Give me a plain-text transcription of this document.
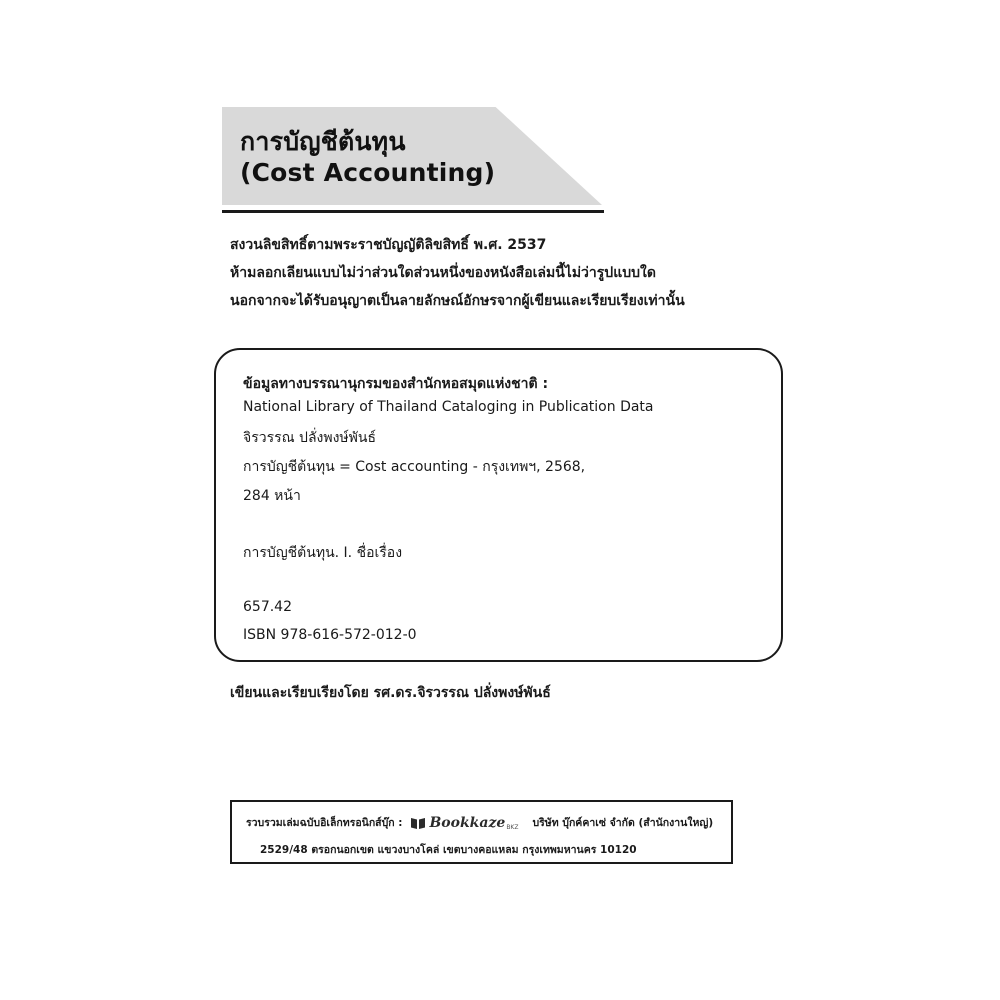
การบัญชีต้นทุน
(Cost Accounting)
สงวนลิขสิทธิ์ตามพระราชบัญญัติลิขสิทธิ์ พ.ศ. 2537
ห้ามลอกเลียนแบบไม่ว่าส่วนใดส่วนหนึ่งของหนังสือเล่มนี้ไม่ว่ารูปแบบใด
นอกจากจะได้รับอนุญาตเป็นลายลักษณ์อักษรจากผู้เขียนและเรียบเรียงเท่านั้น
ข้อมูลทางบรรณานุกรมของสำนักหอสมุดแห่งชาติ :
National Library of Thailand Cataloging in Publication Data
จิรวรรณ ปลั่งพงษ์พันธ์
การบัญชีต้นทุน = Cost accounting - กรุงเทพฯ, 2568,
284 หน้า
การบัญชีต้นทุน. I. ชื่อเรื่อง
657.42
ISBN 978-616-572-012-0
เขียนและเรียบเรียงโดย รศ.ดร.จิรวรรณ ปลั่งพงษ์พันธ์
รวบรวมเล่มฉบับอิเล็กทรอนิกส์บุ๊ก : Bookkaze BKZ บริษัท บุ๊กค์คาเซ่ จำกัด (สำนักงานใหญ่)
2529/48 ตรอกนอกเขต แขวงบางโคล่ เขตบางคอแหลม กรุงเทพมหานคร 10120
